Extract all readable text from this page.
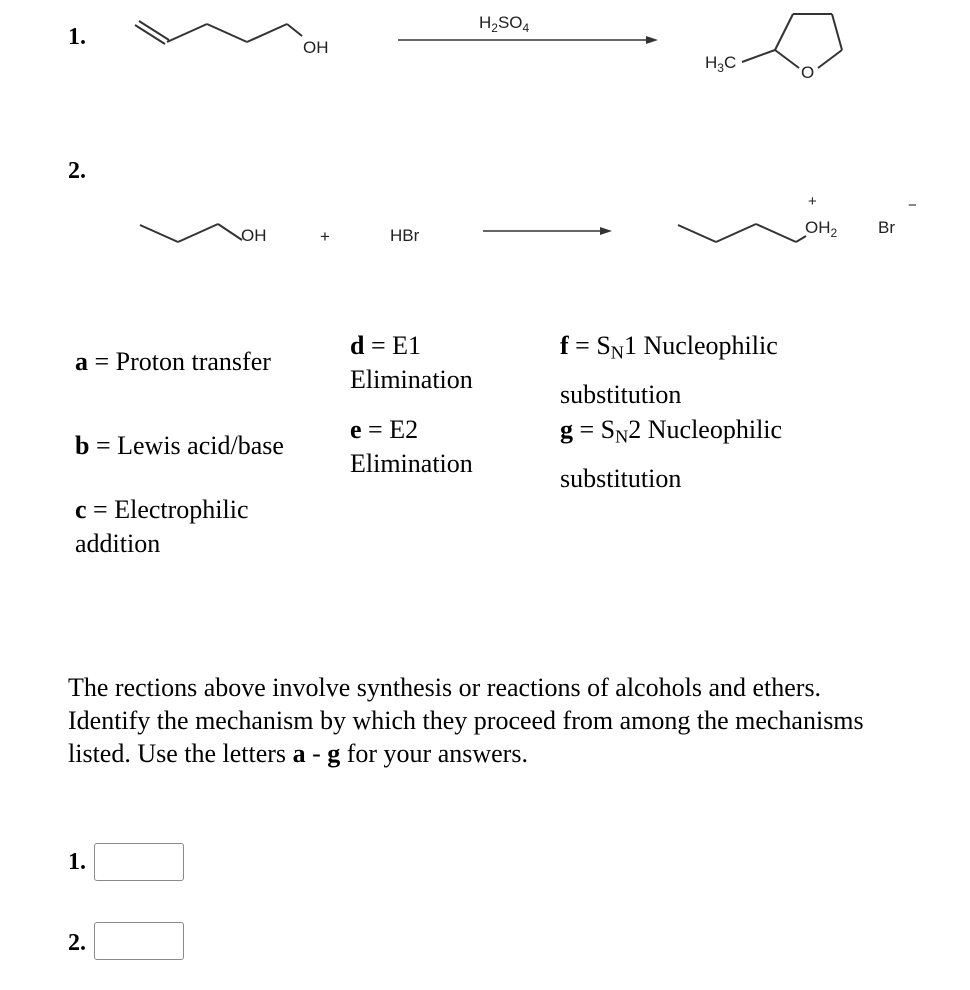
1.	OH
$H_2SO_4$
$H_3C$
O
OH	+	HBr
+
$OH_2$ Br
−
2.
a = Proton transfer
b = Lewis acid/base
c = Electrophilic
addition
d = E1
Elimination
e = E2
Elimination
$f = S_N1$ Nucleophilic
substitution
$g = S_N2$ Nucleophilic
substitution
The rections above involve synthesis or reactions of alcohols and ethers.
Identify the mechanism by which they proceed from among the mechanisms listed. Use the letters a - g for your answers.
1.
2.
